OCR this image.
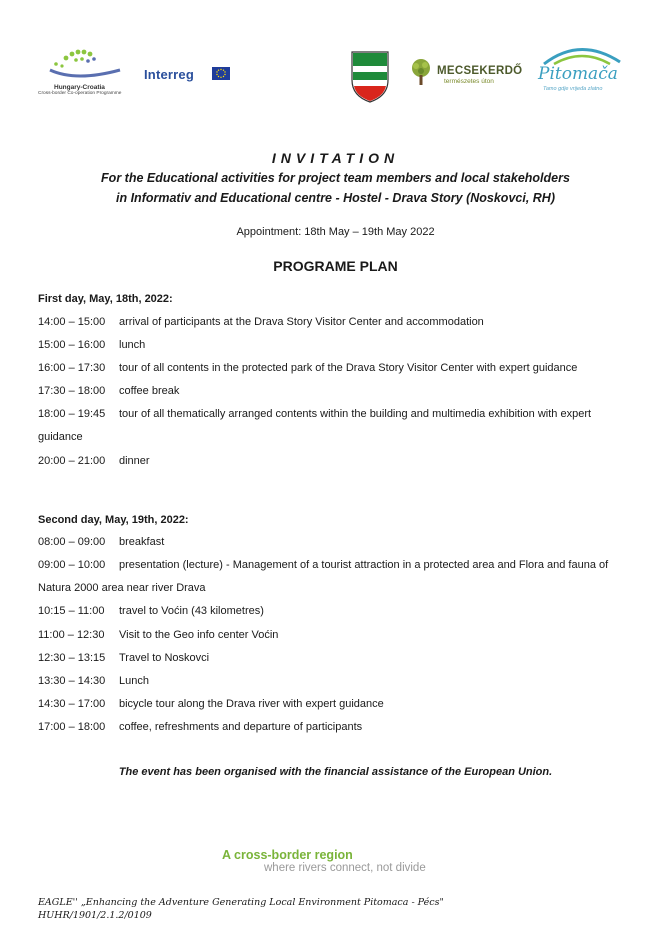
Hungary-Croatia
Cross-border Co-operation Programme
Interreg	MECSEKERDŐ
természetes úton	Pitomača
Tamo gdje vrijeđa zlatno
INVITATION
For the Educational activities for project team members and local stakeholders
in Informativ and Educational centre - Hostel - Drava Story (Noskovci, RH)
Appointment: 18th May – 19th May 2022
PROGRAME PLAN
First day, May, 18th, 2022:
14:00 – 15:00	arrival of participants at the Drava Story Visitor Center and accommodation
15:00 – 16:00	lunch
16:00 – 17:30	tour of all contents in the protected park of the Drava Story Visitor Center with expert guidance
17:30 – 18:00	coffee break
18:00 – 19:45	tour of all thematically arranged contents within the building and multimedia exhibition with expert guidance
20:00 – 21:00	dinner
Second day, May, 19th, 2022:
08:00 – 09:00	breakfast
09:00 – 10:00	presentation (lecture) - Management of a tourist attraction in a protected area and Flora and fauna of Natura 2000 area near river Drava
10:15 – 11:00	travel to Voćin (43 kilometres)
11:00 – 12:30	Visit to the Geo info center Voćin
12:30 – 13:15	Travel to Noskovci
13:30 – 14:30	Lunch
14:30 – 17:00	bicycle tour along the Drava river with expert guidance
17:00 – 18:00	coffee, refreshments and departure of participants
The event has been organised with the financial assistance of the European Union.
A cross-border region
where rivers connect, not divide
EAGLE'' „Enhancing the Adventure Generating Local Environment Pitomaca - Pécs"
HUHR/1901/2.1.2/0109
